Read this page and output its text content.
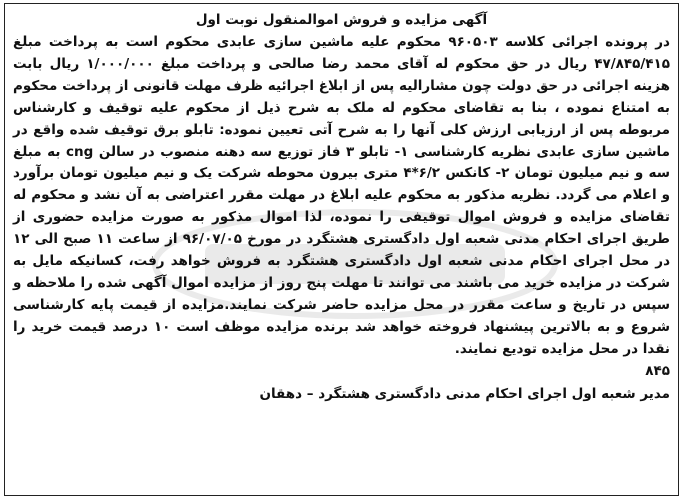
آگهی مزایده و فروش اموالمنقول نوبت اول
در پرونده اجرائی کلاسه ۹۶۰۵۰۳ محکوم علیه ماشین سازی عابدی محکوم است به پرداخت مبلغ ۴۷/۸۴۵/۴۱۵ ریال در حق محکوم له آقای محمد رضا صالحی و پرداخت مبلغ ۱/۰۰۰/۰۰۰ ریال بابت هزینه اجرائی در حق دولت چون مشارالیه پس از ابلاغ اجرائیه ظرف مهلت قانونی از پرداخت محکوم به امتناع نموده ، بنا به تقاضای محکوم له ملک به شرح ذیل از محکوم علیه توقیف و کارشناس مربوطه پس از ارزیابی ارزش کلی آنها را به شرح آتی تعیین نموده: تابلو برق توقیف شده واقع در ماشین سازی عابدی نظریه کارشناسی ۱- تابلو ۳ فاز توزیع سه دهنه منصوب در سالن cng به مبلغ سه و نیم میلیون تومان ۲- کانکس ۶/۲*۴ متری بیرون محوطه شرکت یک و نیم میلیون تومان برآورد و اعلام می گردد. نظریه مذکور به محکوم علیه ابلاغ در مهلت مقرر اعتراضی به آن نشد و محکوم له تقاضای مزایده و فروش اموال توقیفی را نموده، لذا اموال مذکور به صورت مزایده حضوری از طریق اجرای احکام مدنی شعبه اول دادگستری هشتگرد در مورخ ۹۶/۰۷/۰۵ از ساعت ۱۱ صبح الی ۱۲ در محل اجرای احکام مدنی شعبه اول دادگستری هشتگرد به فروش خواهد رفت، کسانیکه مایل به شرکت در مزایده خرید می باشند می توانند تا مهلت پنج روز از مزایده اموال آگهی شده را ملاحظه و سپس در تاریخ و ساعت مقرر در محل مزایده حاضر شرکت نمایند.مزایده از قیمت پایه کارشناسی شروع و به بالاترین پیشنهاد فروخته خواهد شد برنده مزایده موظف است ۱۰ درصد قیمت خرید را نقدا در محل مزایده تودیع نمایند.
۸۴۵
مدیر شعبه اول اجرای احکام مدنی دادگستری هشتگرد – دهقان
